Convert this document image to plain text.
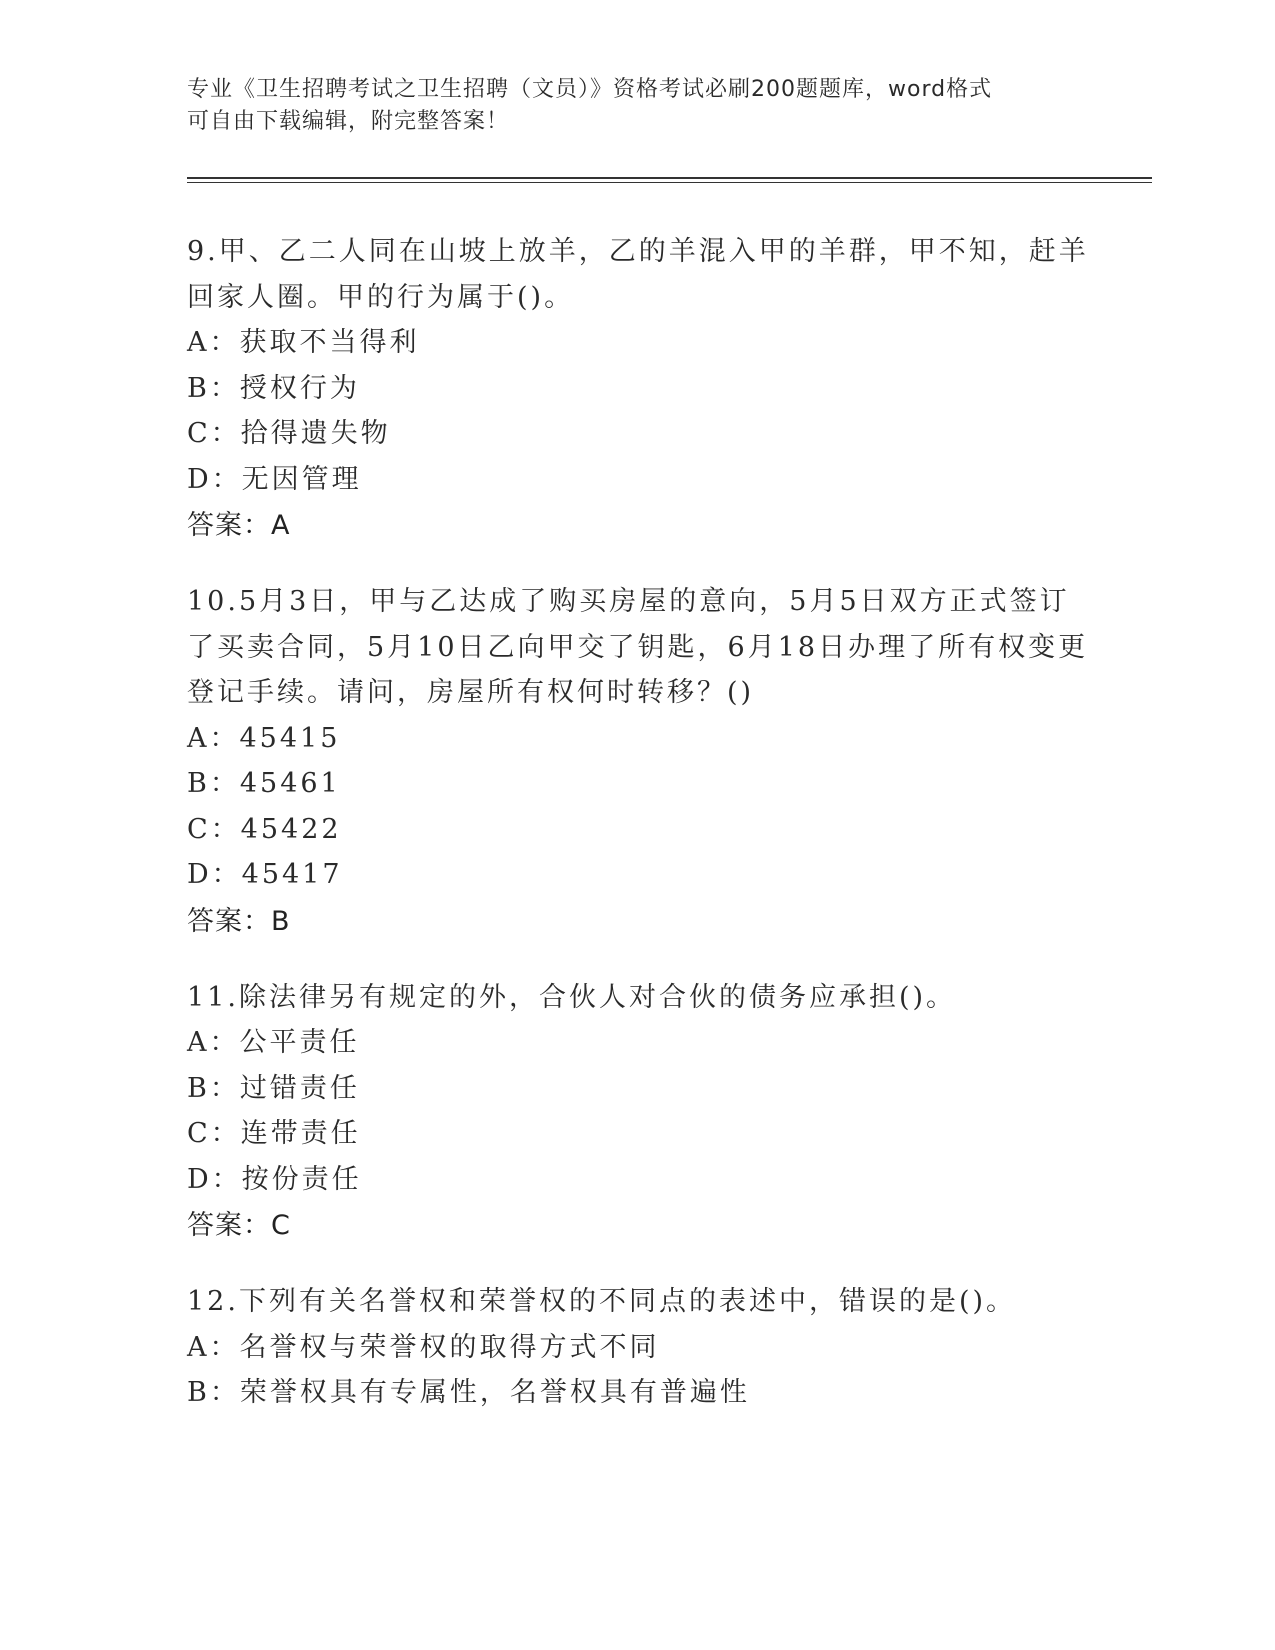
专业《卫生招聘考试之卫生招聘（文员）》资格考试必刷200题题库，word格式
可自由下载编辑，附完整答案！
9.甲、乙二人同在山坡上放羊，乙的羊混入甲的羊群，甲不知，赶羊
回家人圈。甲的行为属于()。
A：获取不当得利
B：授权行为
C：拾得遗失物
D：无因管理
答案：A
10.5月3日，甲与乙达成了购买房屋的意向，5月5日双方正式签订
了买卖合同，5月10日乙向甲交了钥匙，6月18日办理了所有权变更
登记手续。请问，房屋所有权何时转移？()
A：45415
B：45461
C：45422
D：45417
答案：B
11.除法律另有规定的外，合伙人对合伙的债务应承担()。
A：公平责任
B：过错责任
C：连带责任
D：按份责任
答案：C
12.下列有关名誉权和荣誉权的不同点的表述中，错误的是()。
A：名誉权与荣誉权的取得方式不同
B：荣誉权具有专属性，名誉权具有普遍性
